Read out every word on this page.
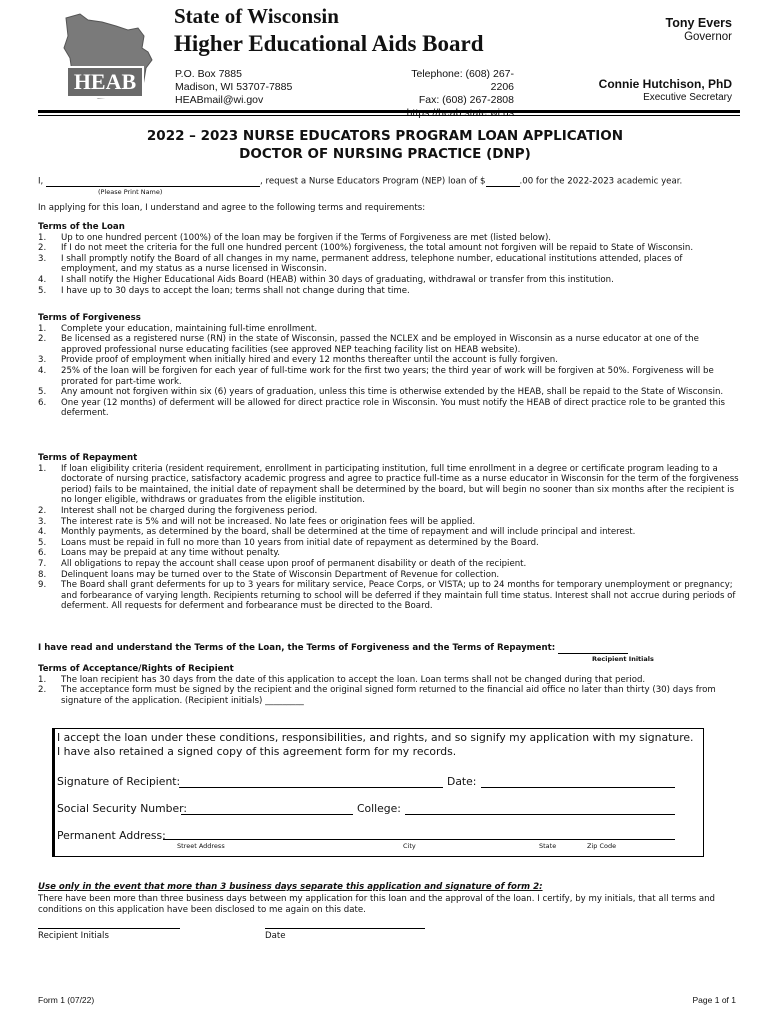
HEAB
State of Wisconsin
Higher Educational Aids Board
P.O. Box 7885
Madison, WI 53707-7885
HEABmail@wi.gov
Telephone: (608) 267-2206
Fax: (608) 267-2808
https://heab.state.wi.us
Tony Evers
Governor
Connie Hutchison, PhD
Executive Secretary
2022 – 2023 NURSE EDUCATORS PROGRAM LOAN APPLICATION
DOCTOR OF NURSING PRACTICE (DNP)
I,	, request a Nurse Educators Program (NEP) loan of $	.00 for the 2022-2023 academic year.
(Please Print Name)
In applying for this loan, I understand and agree to the following terms and requirements:
Terms of the Loan
1. Up to one hundred percent (100%) of the loan may be forgiven if the Terms of Forgiveness are met (listed below).
2. If I do not meet the criteria for the full one hundred percent (100%) forgiveness, the total amount not forgiven will be repaid to State of Wisconsin.
3. I shall promptly notify the Board of all changes in my name, permanent address, telephone number, educational institutions attended, places of employment, and my status as a nurse licensed in Wisconsin.
4. I shall notify the Higher Educational Aids Board (HEAB) within 30 days of graduating, withdrawal or transfer from this institution.
5. I have up to 30 days to accept the loan; terms shall not change during that time.
Terms of Forgiveness
1. Complete your education, maintaining full-time enrollment.
2. Be licensed as a registered nurse (RN) in the state of Wisconsin, passed the NCLEX and be employed in Wisconsin as a nurse educator at one of the approved professional nurse educating facilities (see approved NEP teaching facility list on HEAB website).
3. Provide proof of employment when initially hired and every 12 months thereafter until the account is fully forgiven.
4. 25% of the loan will be forgiven for each year of full-time work for the first two years; the third year of work will be forgiven at 50%. Forgiveness will be prorated for part-time work.
5. Any amount not forgiven within six (6) years of graduation, unless this time is otherwise extended by the HEAB, shall be repaid to the State of Wisconsin.
6. One year (12 months) of deferment will be allowed for direct practice role in Wisconsin. You must notify the HEAB of direct practice role to be granted this deferment.
Terms of Repayment
1. If loan eligibility criteria (resident requirement, enrollment in participating institution, full time enrollment in a degree or certificate program leading to a doctorate of nursing practice, satisfactory academic progress and agree to practice full-time as a nurse educator in Wisconsin for the term of the forgiveness period) fails to be maintained, the initial date of repayment shall be determined by the board, but will begin no sooner than six months after the recipient is no longer eligible, withdraws or graduates from the eligible institution.
2. Interest shall not be charged during the forgiveness period.
3. The interest rate is 5% and will not be increased. No late fees or origination fees will be applied.
4. Monthly payments, as determined by the board, shall be determined at the time of repayment and will include principal and interest.
5. Loans must be repaid in full no more than 10 years from initial date of repayment as determined by the Board.
6. Loans may be prepaid at any time without penalty.
7. All obligations to repay the account shall cease upon proof of permanent disability or death of the recipient.
8. Delinquent loans may be turned over to the State of Wisconsin Department of Revenue for collection.
9. The Board shall grant deferments for up to 3 years for military service, Peace Corps, or VISTA; up to 24 months for temporary unemployment or pregnancy; and forbearance of varying length. Recipients returning to school will be deferred if they maintain full time status. Interest shall not accrue during periods of deferment. All requests for deferment and forbearance must be directed to the Board.
I have read and understand the Terms of the Loan, the Terms of Forgiveness and the Terms of Repayment:
Recipient Initials
Terms of Acceptance/Rights of Recipient
1. The loan recipient has 30 days from the date of this application to accept the loan. Loan terms shall not be changed during that period.
2. The acceptance form must be signed by the recipient and the original signed form returned to the financial aid office no later than thirty (30) days from signature of the application. (Recipient initials) _________
I accept the loan under these conditions, responsibilities, and rights, and so signify my application with my signature. I have also retained a signed copy of this agreement form for my records.
Signature of Recipient:	Date:
Social Security Number:	College:
Permanent Address:
Street Address	City	State	Zip Code
Use only in the event that more than 3 business days separate this application and signature of form 2:
There have been more than three business days between my application for this loan and the approval of the loan. I certify, by my initials, that all terms and conditions on this application have been disclosed to me again on this date.
Recipient Initials	Date
Form 1 (07/22)	Page 1 of 1
